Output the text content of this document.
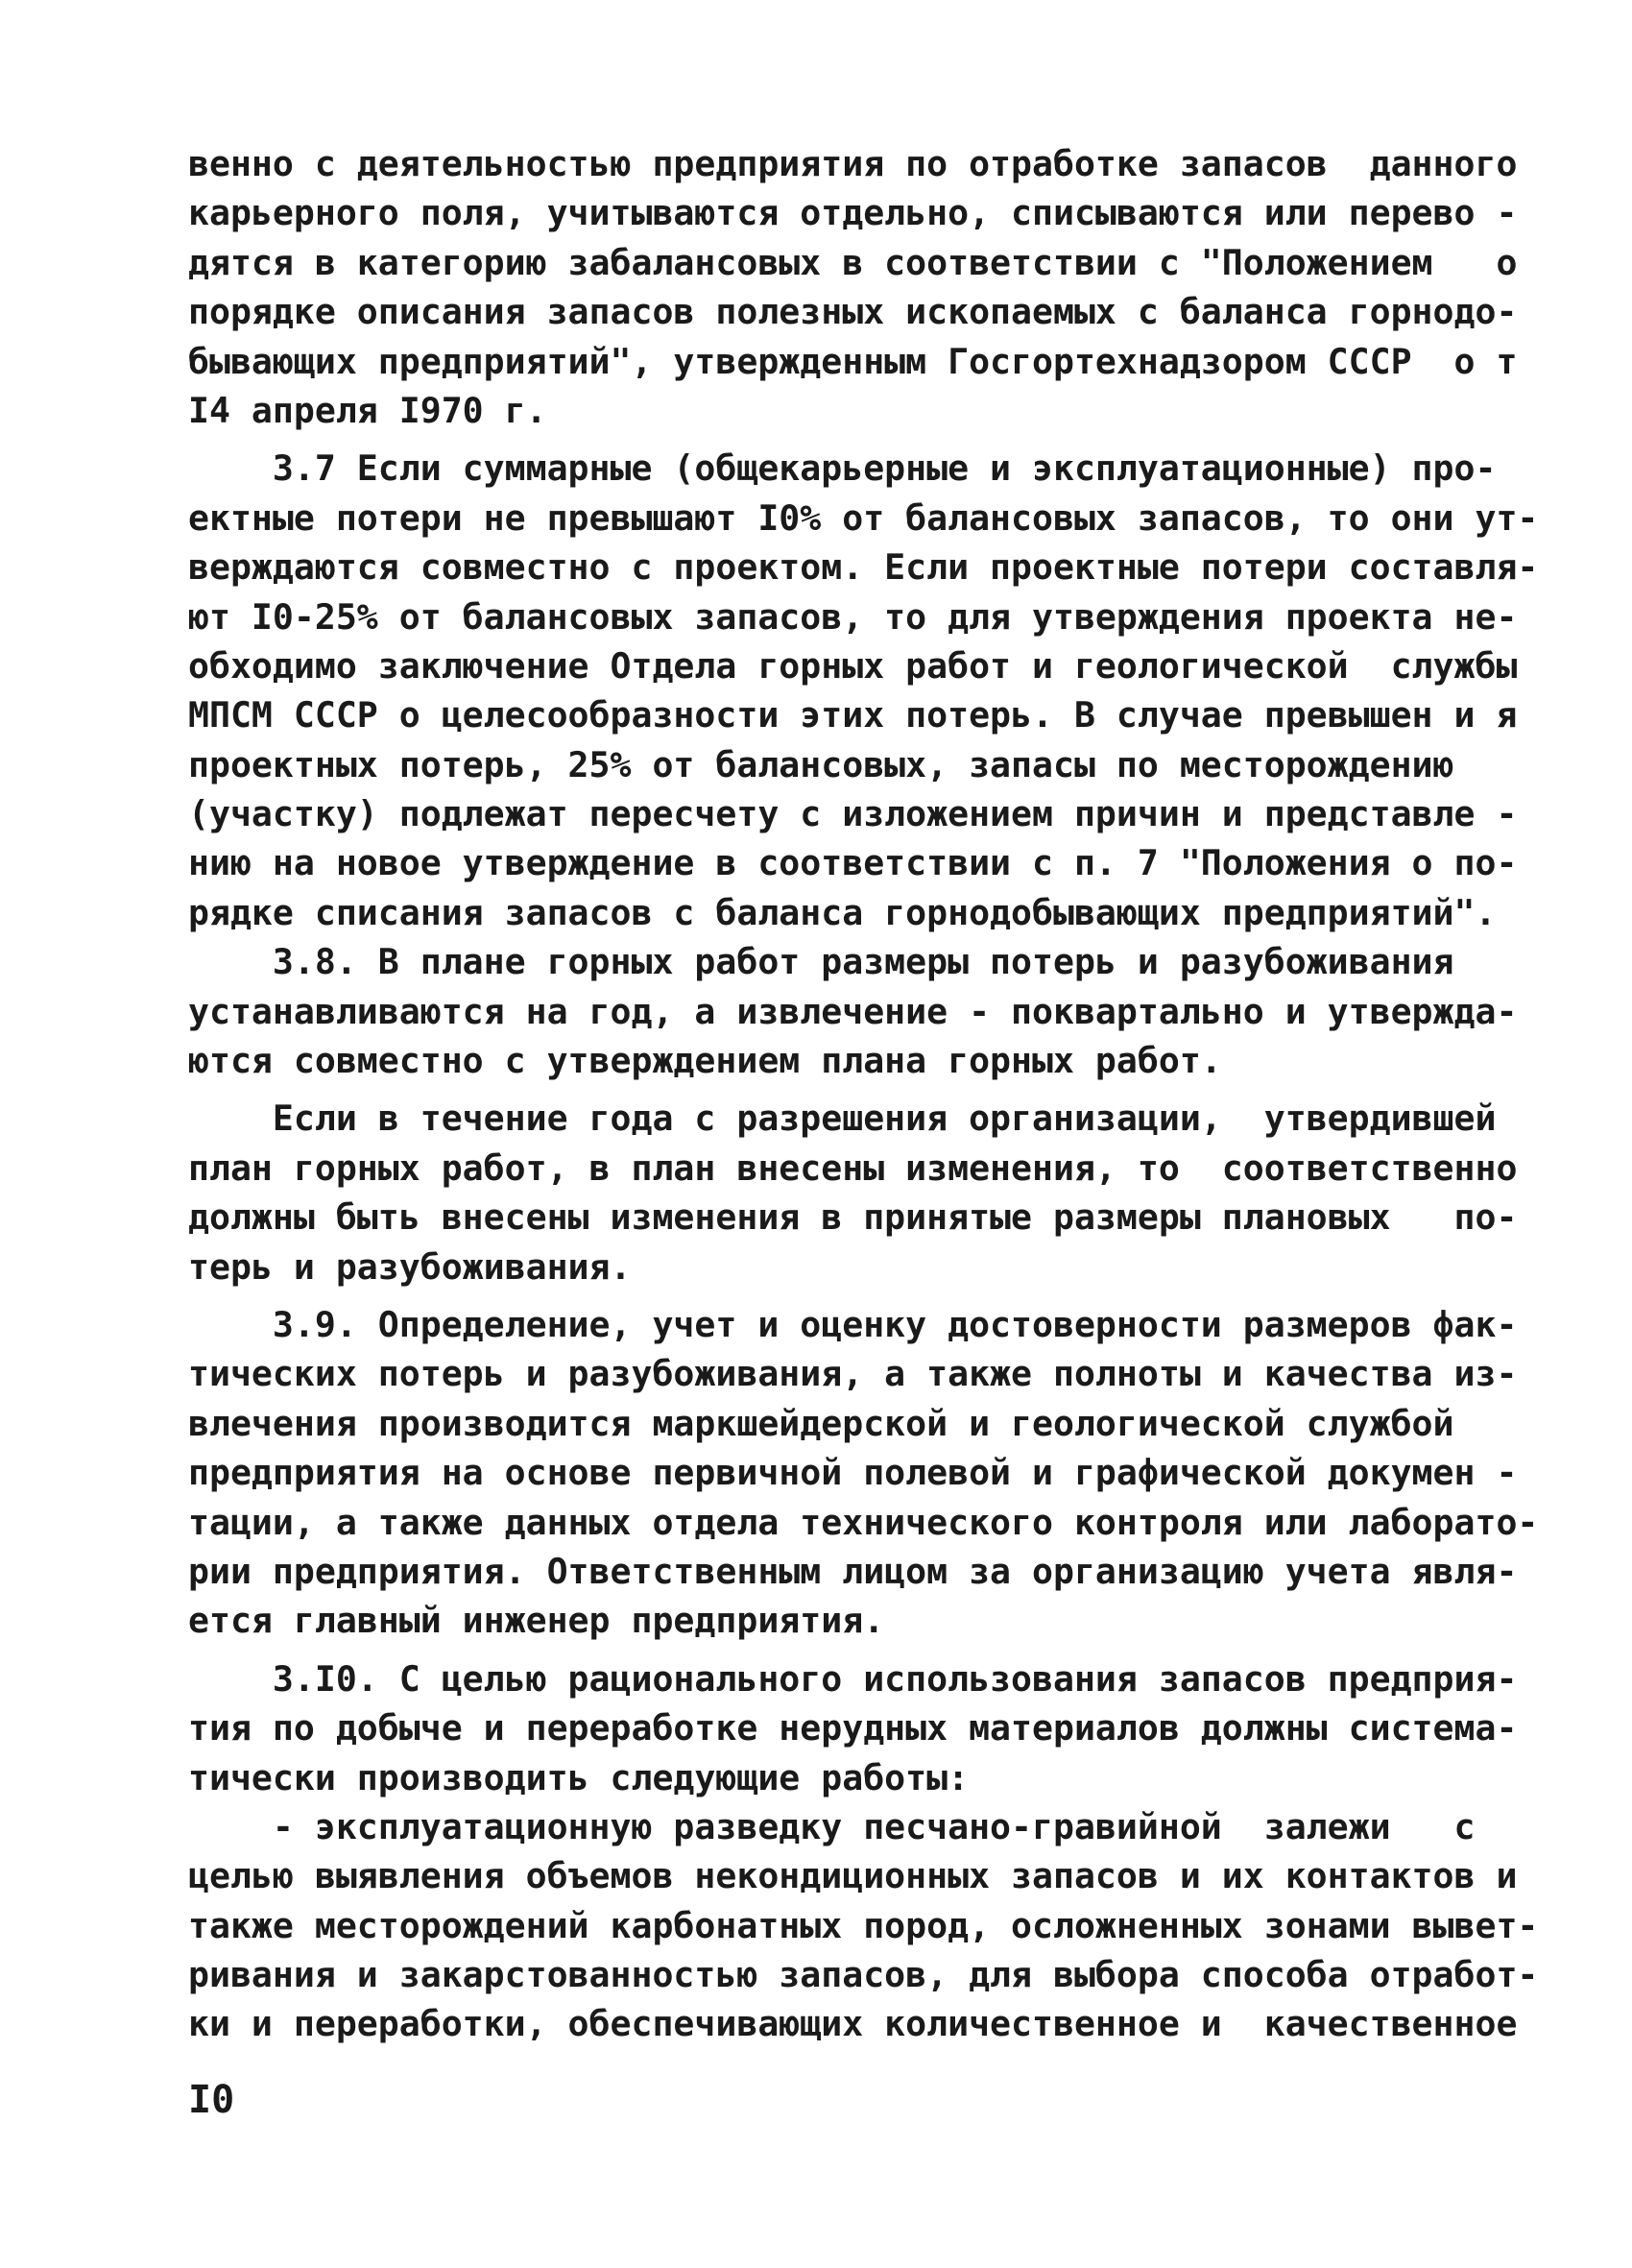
венно с деятельностью предприятия по отработке запасов  данного
карьерного поля, учитываются отдельно, списываются или перево -
дятся в категорию забалансовых в соответствии с "Положением   о
порядке описания запасов полезных ископаемых с баланса горнодо-
бывающих предприятий", утвержденным Госгортехнадзором СССР  о т
I4 апреля I970 г.
3.7 Если суммарные (общекарьерные и эксплуатационные) про-
ектные потери не превышают I0% от балансовых запасов, то они ут-
верждаются совместно с проектом. Если проектные потери составля-
ют I0-25% от балансовых запасов, то для утверждения проекта не-
обходимо заключение Отдела горных работ и геологической  службы
МПСМ СССР о целесообразности этих потерь. В случае превышен и я
проектных потерь, 25% от балансовых, запасы по месторождению
(участку) подлежат пересчету с изложением причин и представле -
нию на новое утверждение в соответствии с п. 7 "Положения о по-
рядке списания запасов с баланса горнодобывающих предприятий".
3.8. В плане горных работ размеры потерь и разубоживания
устанавливаются на год, а извлечение - поквартально и утвержда-
ются совместно с утверждением плана горных работ.
Если в течение года с разрешения организации,  утвердившей
план горных работ, в план внесены изменения, то  соответственно
должны быть внесены изменения в принятые размеры плановых   по-
терь и разубоживания.
3.9. Определение, учет и оценку достоверности размеров фак-
тических потерь и разубоживания, а также полноты и качества из-
влечения производится маркшейдерской и геологической службой
предприятия на основе первичной полевой и графической докумен -
тации, а также данных отдела технического контроля или лаборато-
рии предприятия. Ответственным лицом за организацию учета явля-
ется главный инженер предприятия.
3.I0. С целью рационального использования запасов предприя-
тия по добыче и переработке нерудных материалов должны система-
тически производить следующие работы:
- эксплуатационную разведку песчано-гравийной  залежи   с
целью выявления объемов некондиционных запасов и их контактов и
также месторождений карбонатных пород, осложненных зонами вывет-
ривания и закарстованностью запасов, для выбора способа отработ-
ки и переработки, обеспечивающих количественное и  качественное
I0
